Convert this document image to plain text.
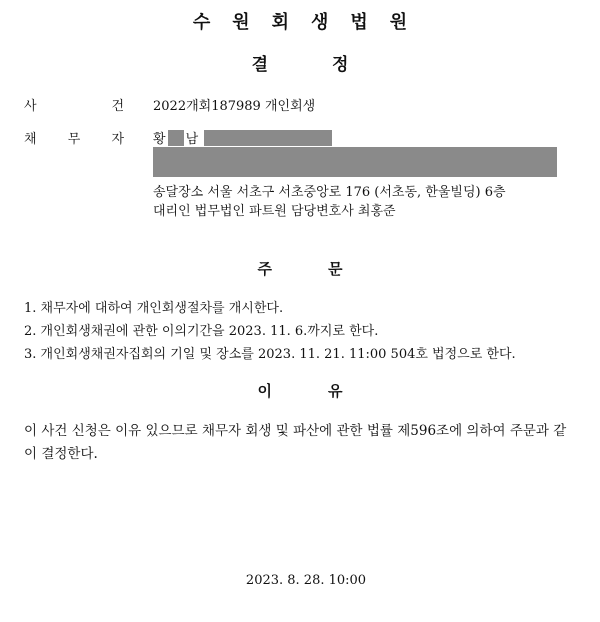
수원회생법원
결정
사	건 2022개회187989 개인회생
채 무 자 황 남
송달장소 서울 서초구 서초중앙로 176 (서초동, 한울빌딩) 6층
대리인 법무법인 파트원 담당변호사 최홍준
주문
1. 채무자에 대하여 개인회생절차를 개시한다.
2. 개인회생채권에 관한 이의기간을 2023. 11. 6.까지로 한다.
3. 개인회생채권자집회의 기일 및 장소를 2023. 11. 21. 11:00 504호 법정으로 한다.
이유
이 사건 신청은 이유 있으므로 채무자 회생 및 파산에 관한 법률 제596조에 의하여 주문과 같이 결정한다.
2023. 8. 28. 10:00
